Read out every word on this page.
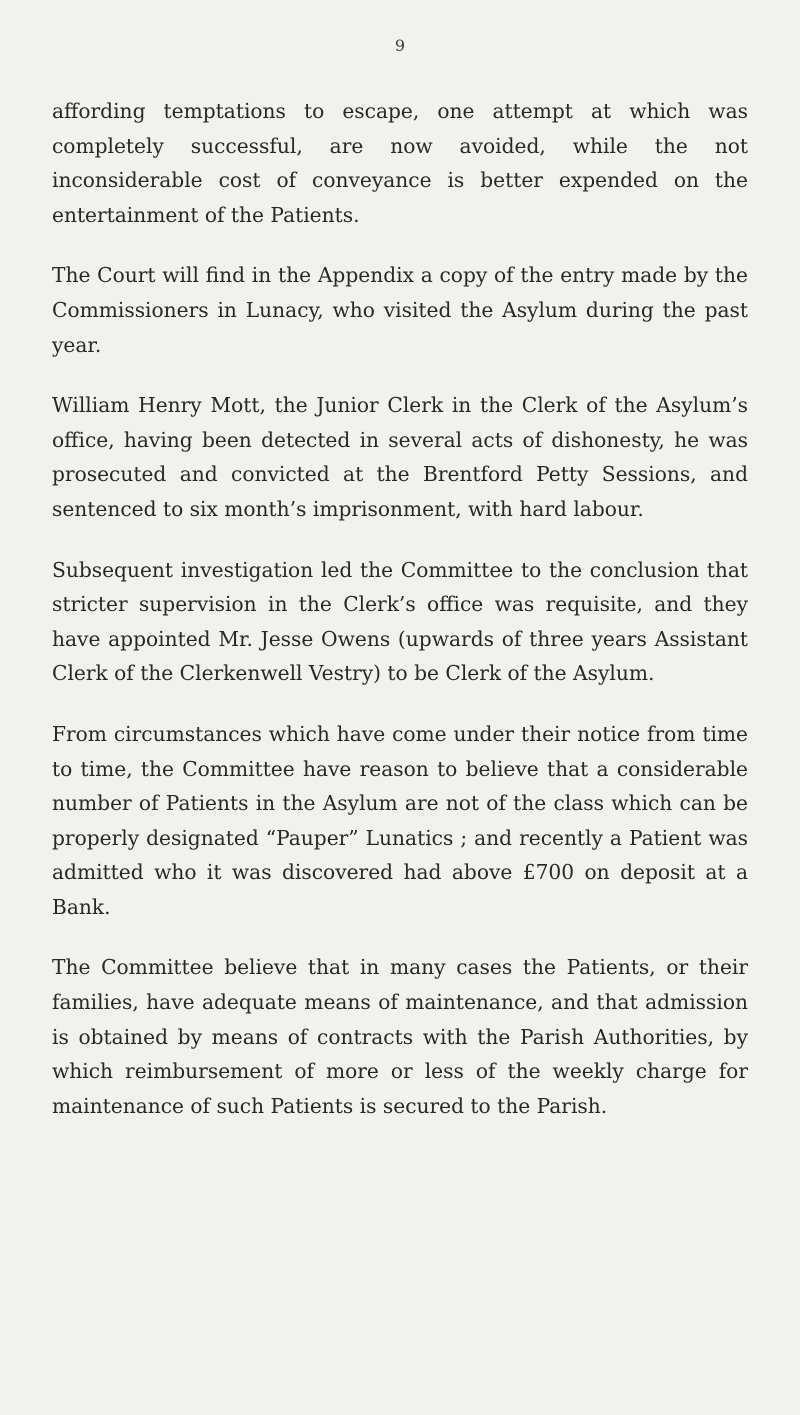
9

affording temptations to escape, one attempt at which was completely successful, are now avoided, while the not inconsiderable cost of conveyance is better expended on the entertainment of the Patients.

The Court will find in the Appendix a copy of the entry made by the Commissioners in Lunacy, who visited the Asylum during the past year.

William Henry Mott, the Junior Clerk in the Clerk of the Asylum’s office, having been detected in several acts of dishonesty, he was prosecuted and convicted at the Brentford Petty Sessions, and sentenced to six month’s imprisonment, with hard labour.

Subsequent investigation led the Committee to the conclusion that stricter supervision in the Clerk’s office was requisite, and they have appointed Mr. Jesse Owens (upwards of three years Assistant Clerk of the Clerkenwell Vestry) to be Clerk of the Asylum.

From circumstances which have come under their notice from time to time, the Committee have reason to believe that a considerable number of Patients in the Asylum are not of the class which can be properly designated “Pauper” Lunatics ; and recently a Patient was admitted who it was discovered had above £700 on deposit at a Bank.

The Committee believe that in many cases the Patients, or their families, have adequate means of maintenance, and that admission is obtained by means of contracts with the Parish Authorities, by which reimbursement of more or less of the weekly charge for maintenance of such Patients is secured to the Parish.
